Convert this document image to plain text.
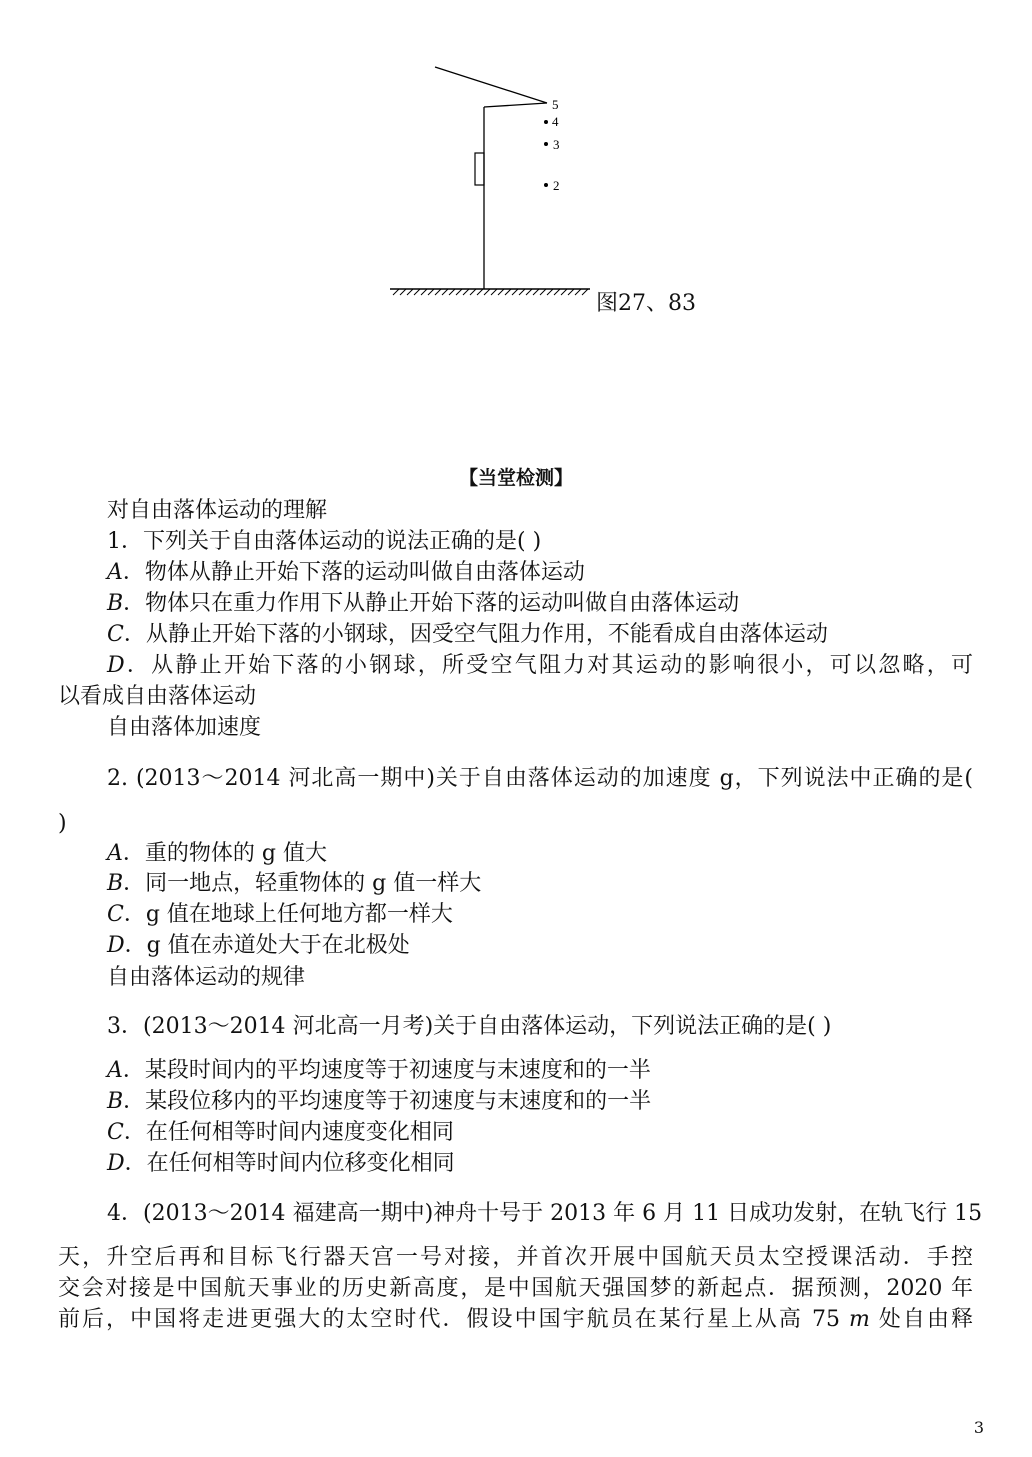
5
4
3
2
图27、83
【当堂检测】
对自由落体运动的理解
1．下列关于自由落体运动的说法正确的是( )
A．物体从静止开始下落的运动叫做自由落体运动
B．物体只在重力作用下从静止开始下落的运动叫做自由落体运动
C．从静止开始下落的小钢球，因受空气阻力作用，不能看成自由落体运动
D．从静止开始下落的小钢球，所受空气阻力对其运动的影响很小，可以忽略，可
以看成自由落体运动
自由落体加速度
2. (2013～2014 河北高一期中)关于自由落体运动的加速度 g，下列说法中正确的是(
)
A．重的物体的 g 值大
B．同一地点，轻重物体的 g 值一样大
C．g 值在地球上任何地方都一样大
D．g 值在赤道处大于在北极处
自由落体运动的规律
3．(2013～2014 河北高一月考)关于自由落体运动，下列说法正确的是( )
A．某段时间内的平均速度等于初速度与末速度和的一半
B．某段位移内的平均速度等于初速度与末速度和的一半
C．在任何相等时间内速度变化相同
D．在任何相等时间内位移变化相同
4．(2013～2014 福建高一期中)神舟十号于 2013 年 6 月 11 日成功发射，在轨飞行 15
天，升空后再和目标飞行器天宫一号对接，并首次开展中国航天员太空授课活动．手控
交会对接是中国航天事业的历史新高度，是中国航天强国梦的新起点．据预测，2020 年
前后，中国将走进更强大的太空时代．假设中国宇航员在某行星上从高 75 m 处自由释
3
